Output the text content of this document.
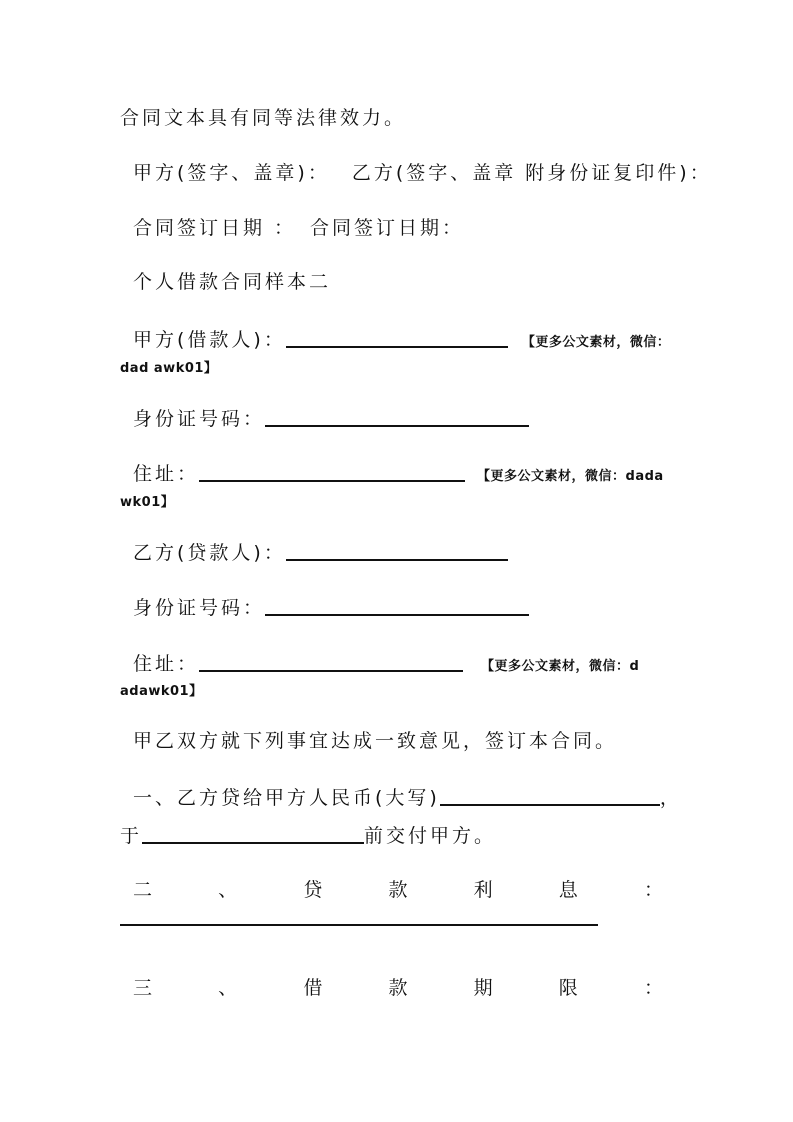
合同文本具有同等法律效力。
甲方(签字、盖章)： 乙方(签字、盖章 附身份证复印件)：
合同签订日期 ： 合同签订日期：
个人借款合同样本二
甲方(借款人)：	【更多公文素材，微信：
dad awk01】
身份证号码：
住址：	【更多公文素材，微信：dada
wk01】
乙方(贷款人)：
身份证号码：
住址：	【更多公文素材，微信：d
adawk01】
甲乙双方就下列事宜达成一致意见，签订本合同。
一、乙方贷给甲方人民币(大写)	，
于	前交付甲方。
二	、	贷	款	利	息	：
三	、	借	款	期	限	：
